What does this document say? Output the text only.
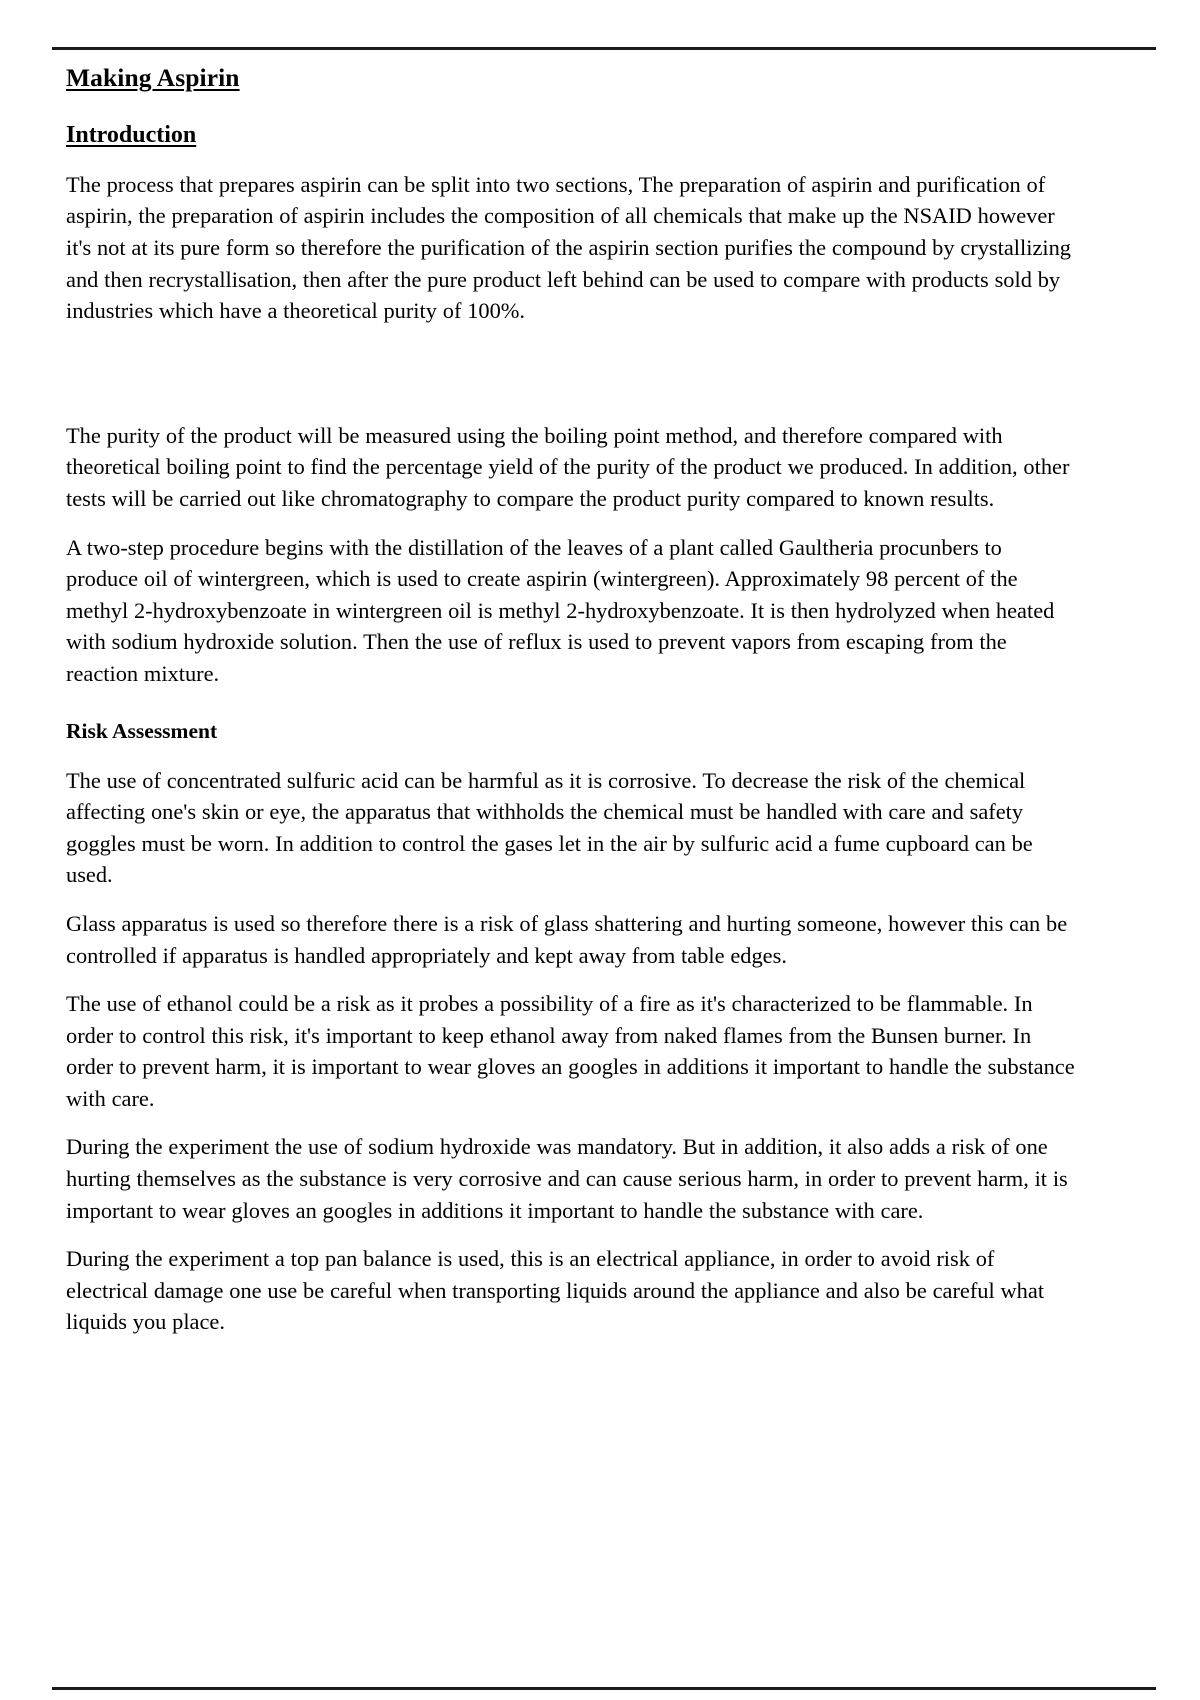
Making Aspirin
Introduction

The process that prepares aspirin can be split into two sections, The preparation of aspirin and purification of aspirin, the preparation of aspirin includes the composition of all chemicals that make up the NSAID however it's not at its pure form so therefore the purification of the aspirin section purifies the compound by crystallizing and then recrystallisation, then after the pure product left behind can be used to compare with products sold by industries which have a theoretical purity of 100%.

The purity of the product will be measured using the boiling point method, and therefore compared with theoretical boiling point to find the percentage yield of the purity of the product we produced. In addition, other tests will be carried out like chromatography to compare the product purity compared to known results.

A two-step procedure begins with the distillation of the leaves of a plant called Gaultheria procunbers to produce oil of wintergreen, which is used to create aspirin (wintergreen). Approximately 98 percent of the methyl 2-hydroxybenzoate in wintergreen oil is methyl 2-hydroxybenzoate. It is then hydrolyzed when heated with sodium hydroxide solution. Then the use of reflux is used to prevent vapors from escaping from the reaction mixture.

Risk Assessment

The use of concentrated sulfuric acid can be harmful as it is corrosive. To decrease the risk of the chemical affecting one's skin or eye, the apparatus that withholds the chemical must be handled with care and safety goggles must be worn. In addition to control the gases let in the air by sulfuric acid a fume cupboard can be used.

Glass apparatus is used so therefore there is a risk of glass shattering and hurting someone, however this can be controlled if apparatus is handled appropriately and kept away from table edges.

The use of ethanol could be a risk as it probes a possibility of a fire as it's characterized to be flammable. In order to control this risk, it's important to keep ethanol away from naked flames from the Bunsen burner. In order to prevent harm, it is important to wear gloves an googles in additions it important to handle the substance with care.

During the experiment the use of sodium hydroxide was mandatory. But in addition, it also adds a risk of one hurting themselves as the substance is very corrosive and can cause serious harm, in order to prevent harm, it is important to wear gloves an googles in additions it important to handle the substance with care.

During the experiment a top pan balance is used, this is an electrical appliance, in order to avoid risk of electrical damage one use be careful when transporting liquids around the appliance and also be careful what liquids you place.
